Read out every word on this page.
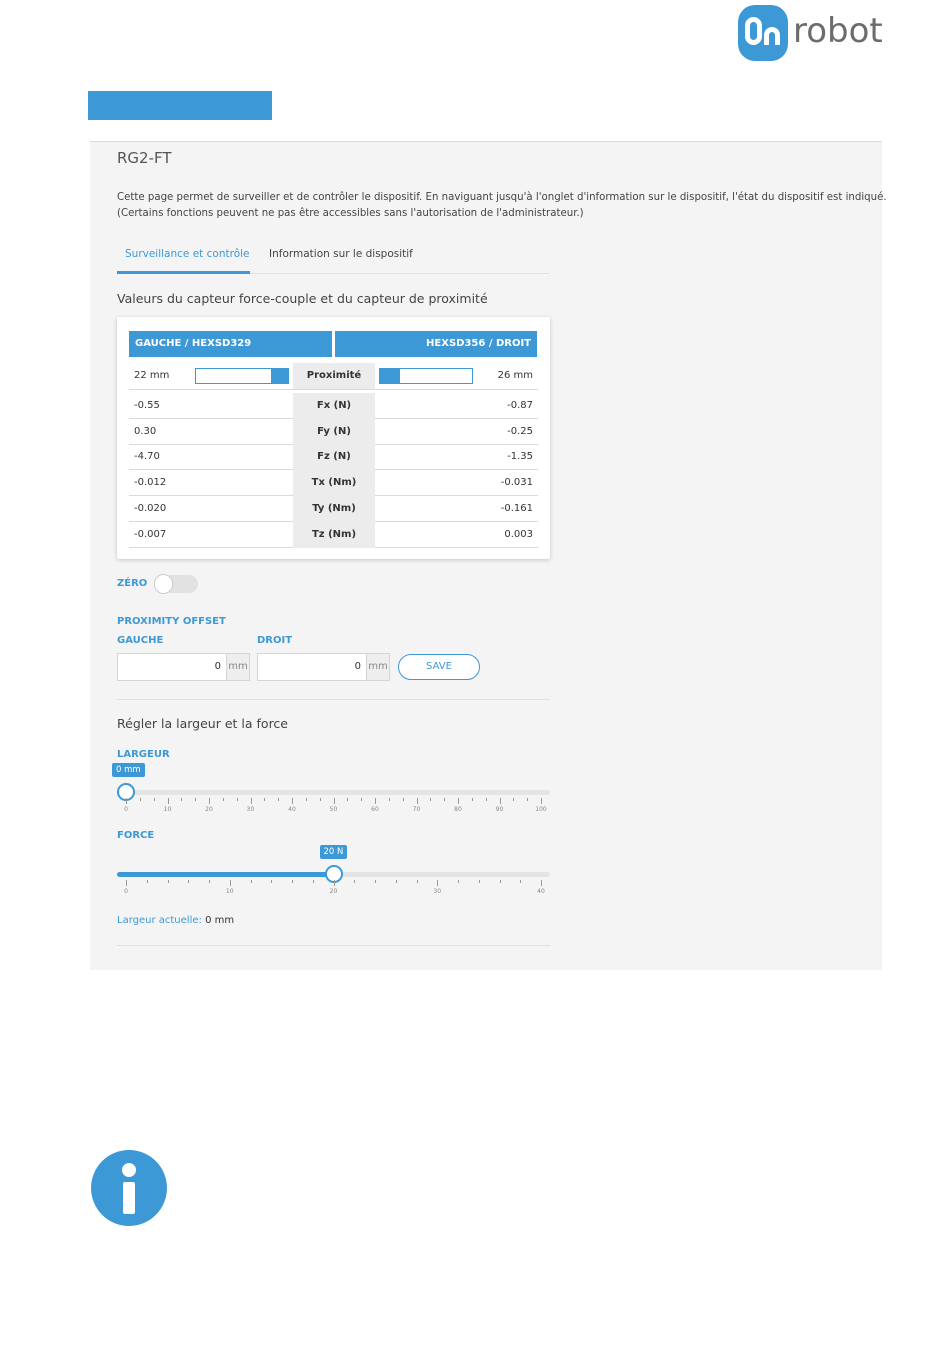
robot
RG2-FT
Cette page permet de surveiller et de contrôler le dispositif. En naviguant jusqu'à l'onglet d'information sur le dispositif, l'état du dispositif est indiqué.
(Certains fonctions peuvent ne pas être accessibles sans l'autorisation de l'administrateur.)
Surveillance et contrôle Information sur le dispositif
Valeurs du capteur force-couple et du capteur de proximité
GAUCHE / HEXSD329	HEXSD356 / DROIT
22 mm	Proximité	26 mm
-0.55	Fx (N)	-0.87
0.30	Fy (N)	-0.25
-4.70	Fz (N)	-1.35
-0.012	Tx (Nm)	-0.031
-0.020	Ty (Nm)	-0.161
-0.007	Tz (Nm)	0.003
ZÉRO
PROXIMITY OFFSET
GAUCHE	DROIT
0 mm	0 mm	SAVE
Régler la largeur et la force
LARGEUR
0 mm
0	10	20	30	40	50	60	70	80	90	100
FORCE
20 N
0	10	20	30	40
Largeur actuelle: 0 mm
